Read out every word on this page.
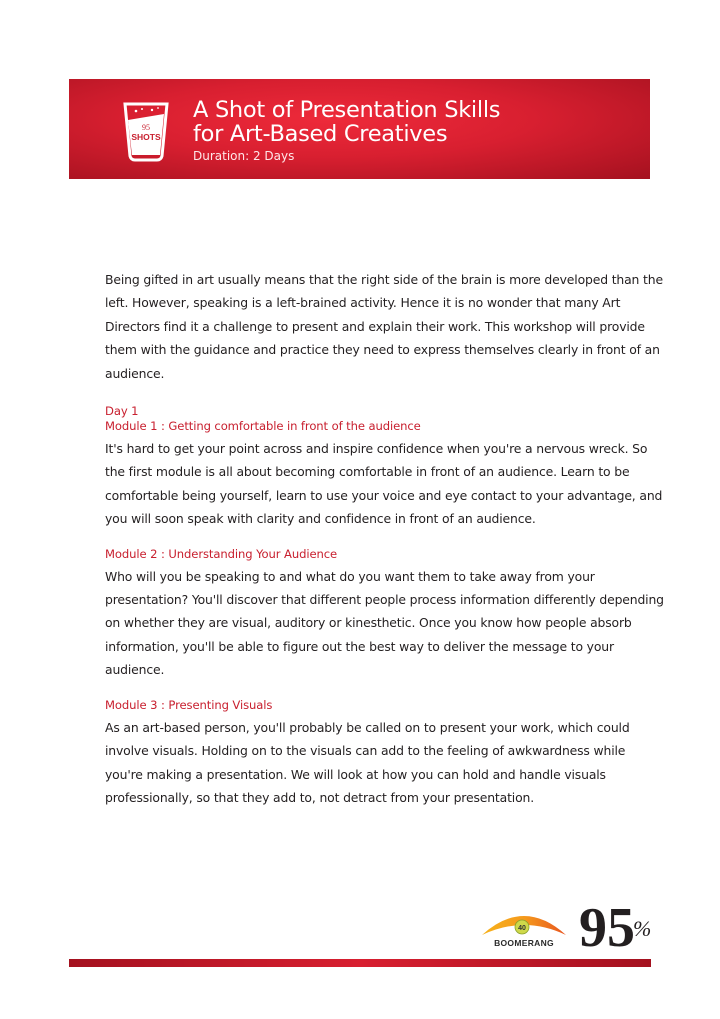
95
SHOTS
A Shot of Presentation Skills
for Art-Based Creatives
Duration: 2 Days

Being gifted in art usually means that the right side of the brain is more developed than the left. However, speaking is a left-brained activity. Hence it is no wonder that many Art Directors find it a challenge to present and explain their work. This workshop will provide them with the guidance and practice they need to express themselves clearly in front of an audience.

Day 1

Module 1 : Getting comfortable in front of the audience

It's hard to get your point across and inspire confidence when you're a nervous wreck. So the first module is all about becoming comfortable in front of an audience. Learn to be comfortable being yourself, learn to use your voice and eye contact to your advantage, and you will soon speak with clarity and confidence in front of an audience.

Module 2 : Understanding Your Audience

Who will you be speaking to and what do you want them to take away from your presentation? You'll discover that different people process information differently depending on whether they are visual, auditory or kinesthetic. Once you know how people absorb information, you'll be able to figure out the best way to deliver the message to your audience.

Module 3 : Presenting Visuals

As an art-based person, you'll probably be called on to present your work, which could involve visuals. Holding on to the visuals can add to the feeling of awkwardness while you're making a presentation. We will look at how you can hold and handle visuals professionally, so that they add to, not detract from your presentation.

40
BOOMERANG 95
%
